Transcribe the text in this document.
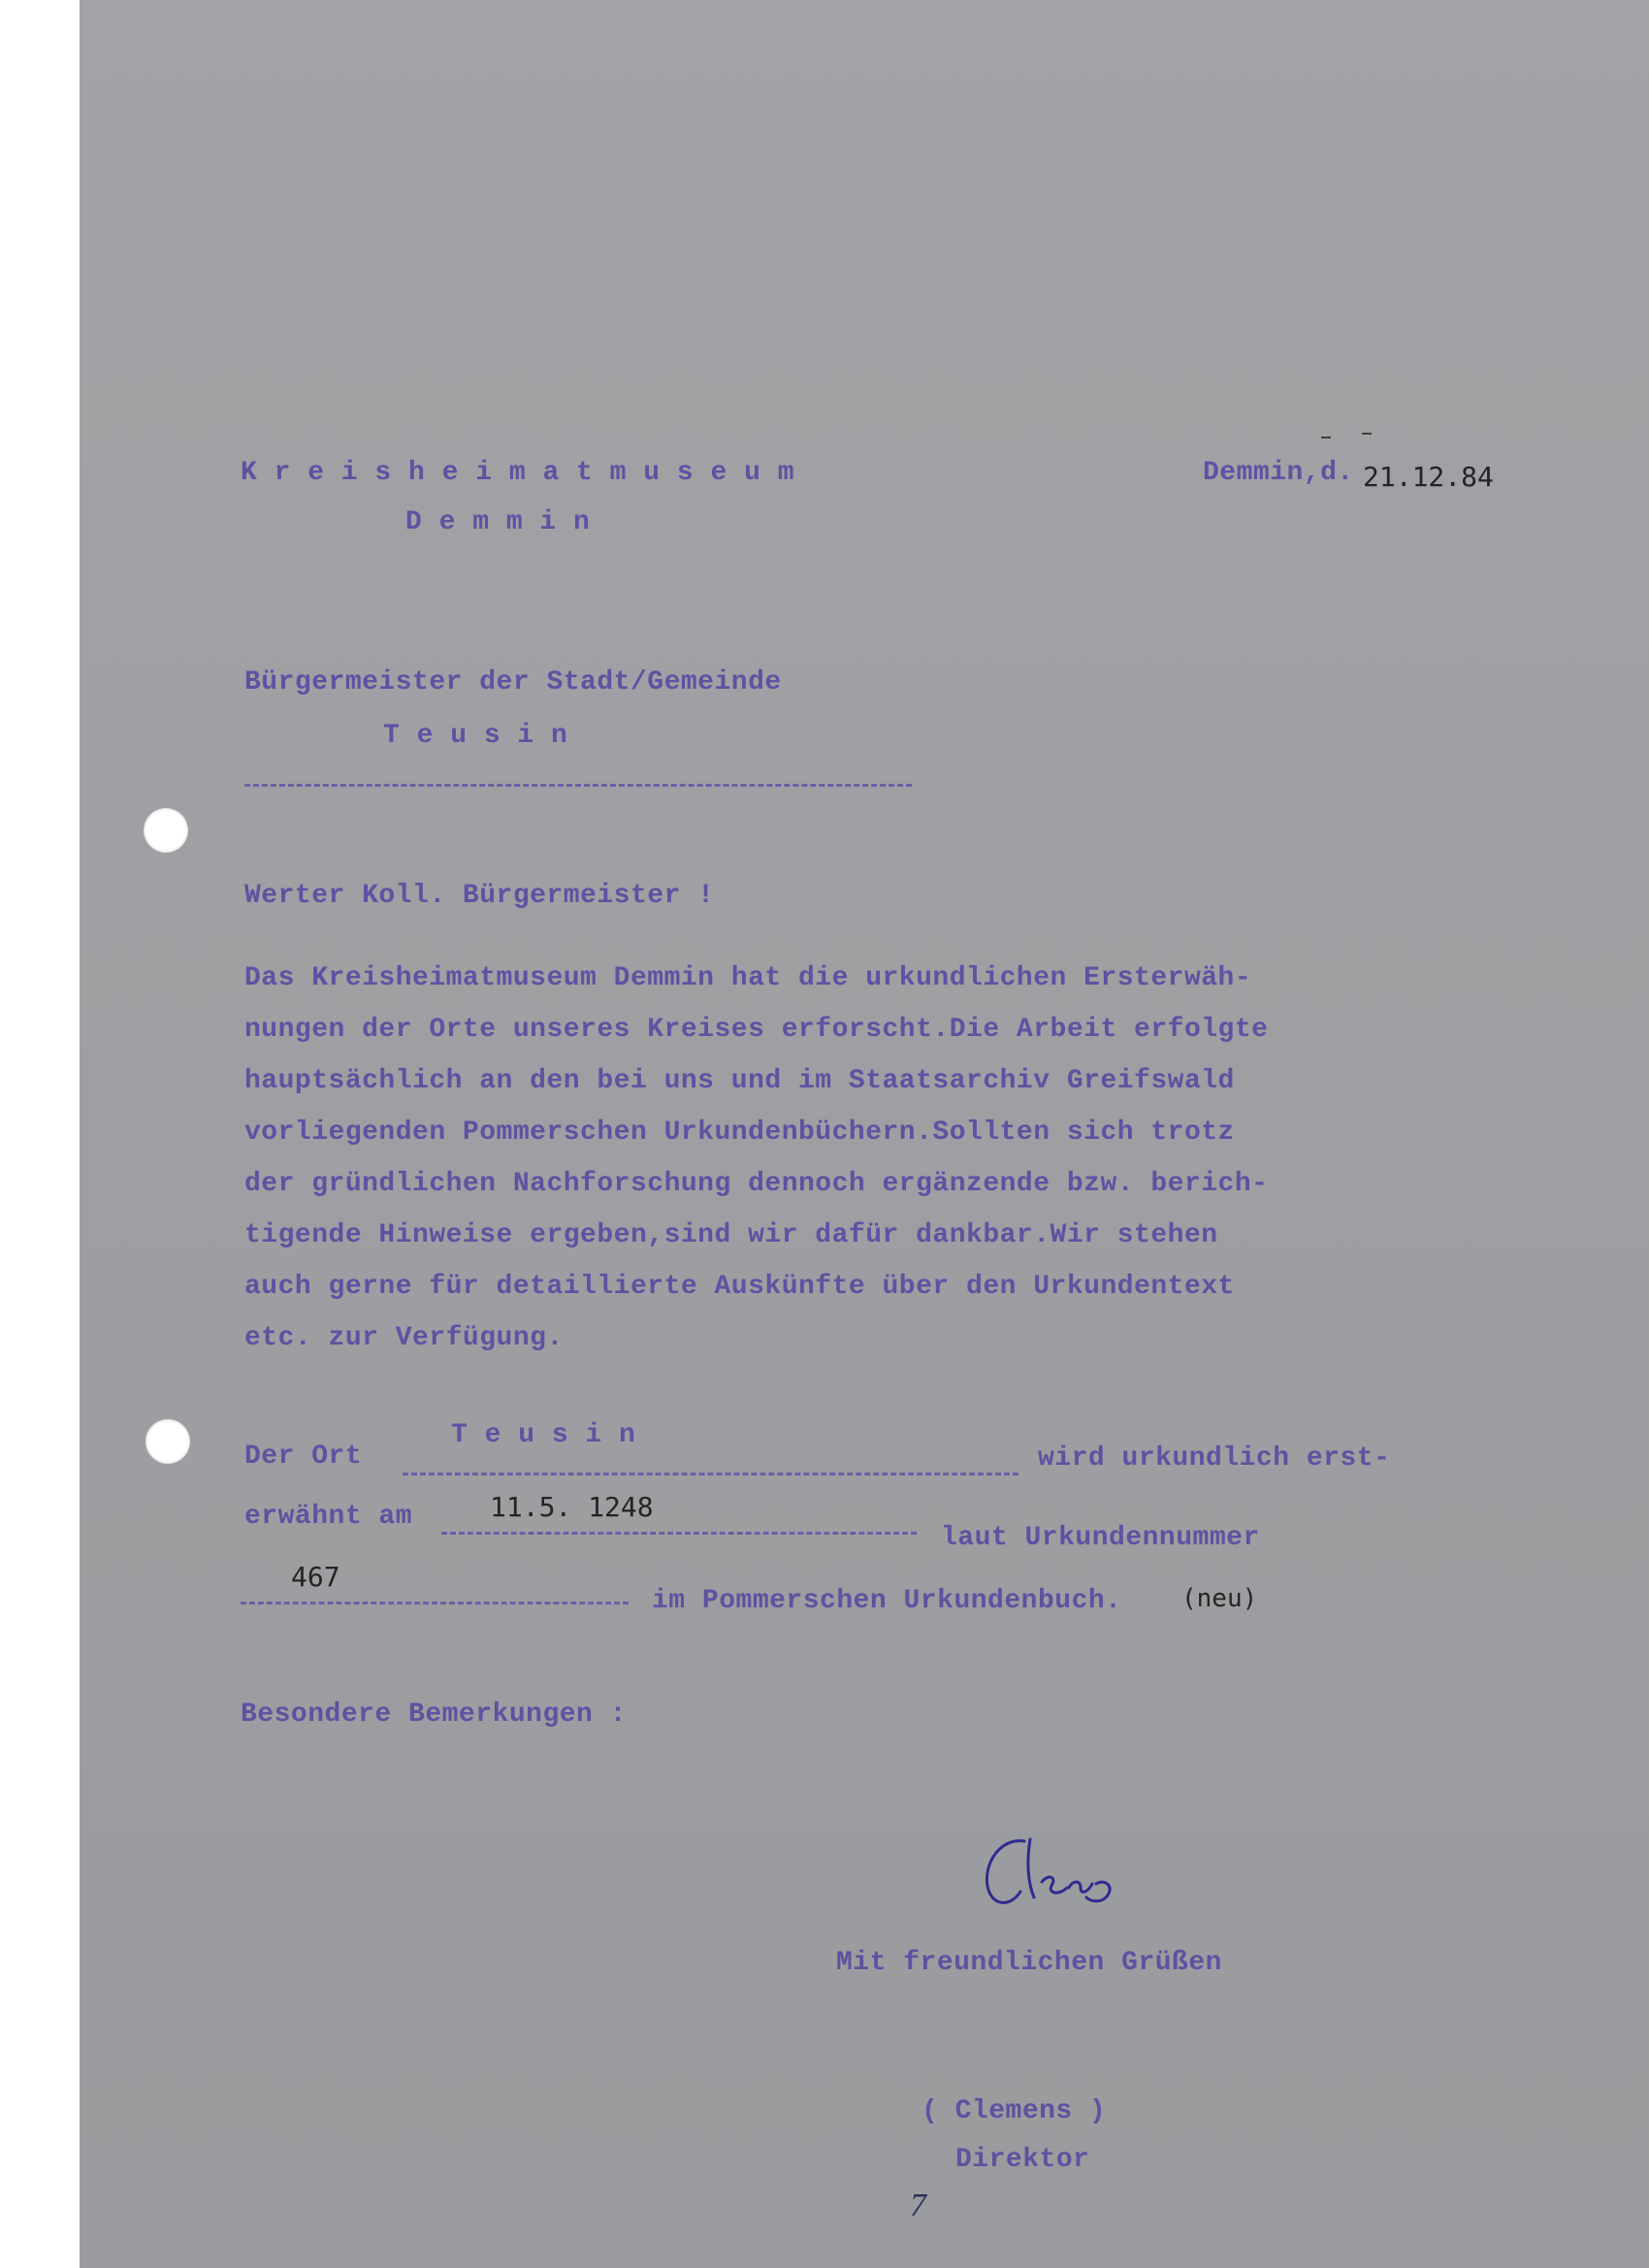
K r e i s h e i m a t m u s e u m

D e m m i n

Demmin,d. 21.12.84

Bürgermeister der Stadt/Gemeinde

T e u s i n

Werter Koll. Bürgermeister !

Das Kreisheimatmuseum Demmin hat die urkundlichen Ersterwäh-

nungen der Orte unseres Kreises erforscht.Die Arbeit erfolgte

hauptsächlich an den bei uns und im Staatsarchiv Greifswald

vorliegenden Pommerschen Urkundenbüchern.Sollten sich trotz

der gründlichen Nachforschung dennoch ergänzende bzw. berich-

tigende Hinweise ergeben,sind wir dafür dankbar.Wir stehen

auch gerne für detaillierte Auskünfte über den Urkundentext

etc. zur Verfügung.

Der Ort

T e u s i n

wird urkundlich erst-

erwähnt am	11.5. 1248

laut Urkundennummer

467

im Pommerschen Urkundenbuch. (neu)

Besondere Bemerkungen :

Mit freundlichen Grüßen

( Clemens )

Direktor

7
